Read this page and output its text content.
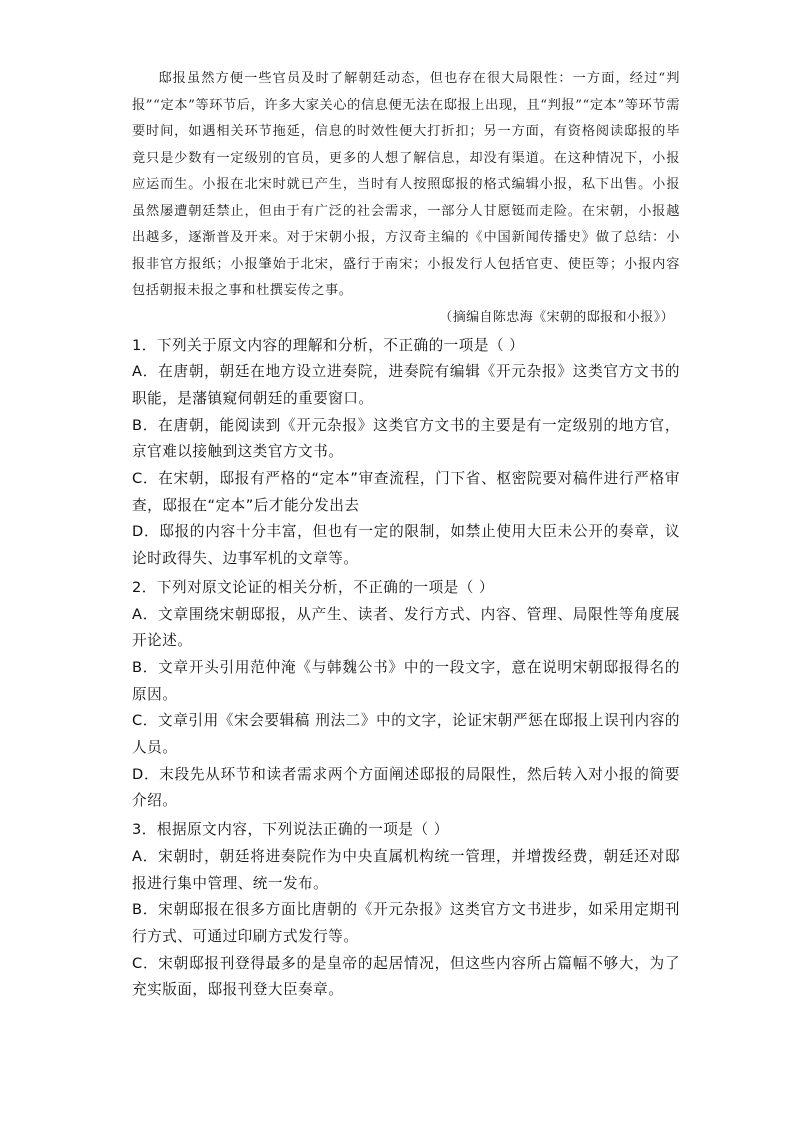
邸报虽然方便一些官员及时了解朝廷动态，但也存在很大局限性：一方面，经过“判报”“定本”等环节后，许多大家关心的信息便无法在邸报上出现，且“判报”“定本”等环节需要时间，如遇相关环节拖延，信息的时效性便大打折扣；另一方面，有资格阅读邸报的毕竟只是少数有一定级别的官员，更多的人想了解信息，却没有渠道。在这种情况下，小报应运而生。小报在北宋时就已产生，当时有人按照邸报的格式编辑小报，私下出售。小报虽然屡遭朝廷禁止，但由于有广泛的社会需求，一部分人甘愿铤而走险。在宋朝，小报越出越多，逐渐普及开来。对于宋朝小报，方汉奇主编的《中国新闻传播史》做了总结：小报非官方报纸；小报肇始于北宋，盛行于南宋；小报发行人包括官吏、使臣等；小报内容包括朝报未报之事和杜撰妄传之事。

（摘编自陈忠海《宋朝的邸报和小报》）

1．下列关于原文内容的理解和分析，不正确的一项是（ ）

A．在唐朝，朝廷在地方设立进奏院，进奏院有编辑《开元杂报》这类官方文书的职能，是藩镇窥伺朝廷的重要窗口。

B．在唐朝，能阅读到《开元杂报》这类官方文书的主要是有一定级别的地方官，京官难以接触到这类官方文书。

C．在宋朝，邸报有严格的“定本”审查流程，门下省、枢密院要对稿件进行严格审查，邸报在“定本”后才能分发出去

D．邸报的内容十分丰富，但也有一定的限制，如禁止使用大臣未公开的奏章，议论时政得失、边事军机的文章等。

2．下列对原文论证的相关分析，不正确的一项是（ ）

A．文章围绕宋朝邸报，从产生、读者、发行方式、内容、管理、局限性等角度展开论述。

B．文章开头引用范仲淹《与韩魏公书》中的一段文字，意在说明宋朝邸报得名的原因。

C．文章引用《宋会要辑稿 刑法二》中的文字，论证宋朝严惩在邸报上误刊内容的人员。

D．末段先从环节和读者需求两个方面阐述邸报的局限性，然后转入对小报的简要介绍。

3．根据原文内容，下列说法正确的一项是（ ）

A．宋朝时，朝廷将进奏院作为中央直属机构统一管理，并增拨经费，朝廷还对邸报进行集中管理、统一发布。

B．宋朝邸报在很多方面比唐朝的《开元杂报》这类官方文书进步，如采用定期刊行方式、可通过印刷方式发行等。

C．宋朝邸报刊登得最多的是皇帝的起居情况，但这些内容所占篇幅不够大，为了充实版面，邸报刊登大臣奏章。
